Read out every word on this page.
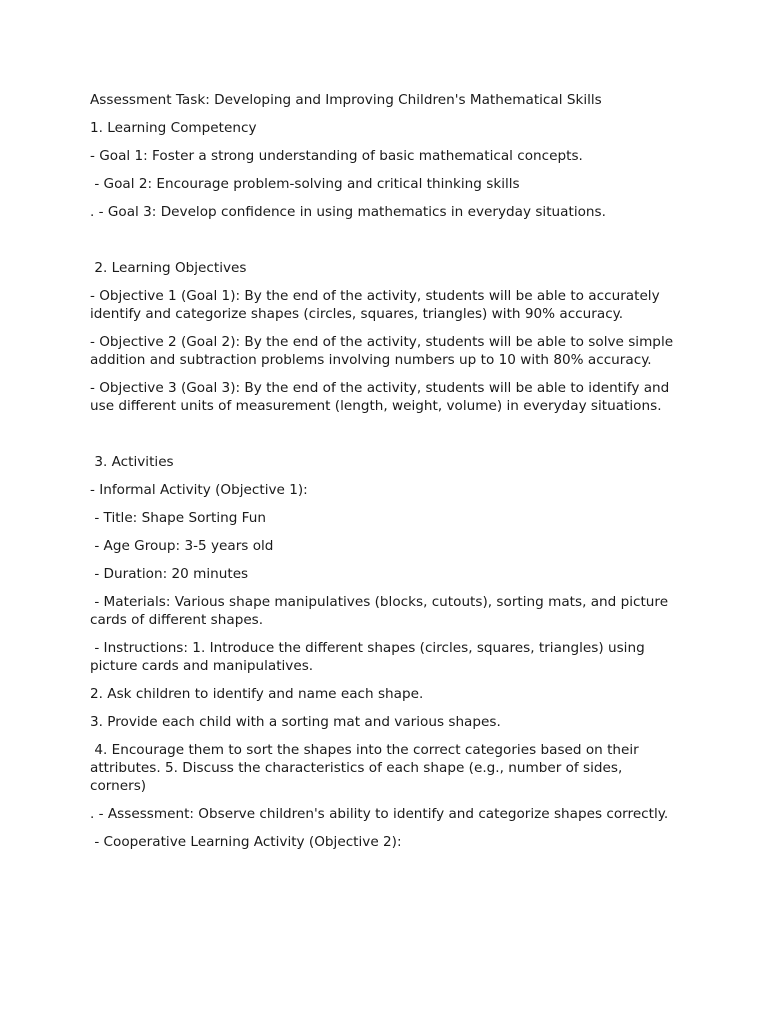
Assessment Task: Developing and Improving Children's Mathematical Skills

1. Learning Competency

- Goal 1: Foster a strong understanding of basic mathematical concepts.

- Goal 2: Encourage problem-solving and critical thinking skills

. - Goal 3: Develop confidence in using mathematics in everyday situations.

2. Learning Objectives

- Objective 1 (Goal 1): By the end of the activity, students will be able to accurately identify and categorize shapes (circles, squares, triangles) with 90% accuracy.

- Objective 2 (Goal 2): By the end of the activity, students will be able to solve simple addition and subtraction problems involving numbers up to 10 with 80% accuracy.

- Objective 3 (Goal 3): By the end of the activity, students will be able to identify and use different units of measurement (length, weight, volume) in everyday situations.

3. Activities

- Informal Activity (Objective 1):

- Title: Shape Sorting Fun

- Age Group: 3-5 years old

- Duration: 20 minutes

- Materials: Various shape manipulatives (blocks, cutouts), sorting mats, and picture cards of different shapes.

- Instructions: 1. Introduce the different shapes (circles, squares, triangles) using picture cards and manipulatives.

2. Ask children to identify and name each shape.

3. Provide each child with a sorting mat and various shapes.

4. Encourage them to sort the shapes into the correct categories based on their attributes. 5. Discuss the characteristics of each shape (e.g., number of sides, corners)

. - Assessment: Observe children's ability to identify and categorize shapes correctly.

- Cooperative Learning Activity (Objective 2):
